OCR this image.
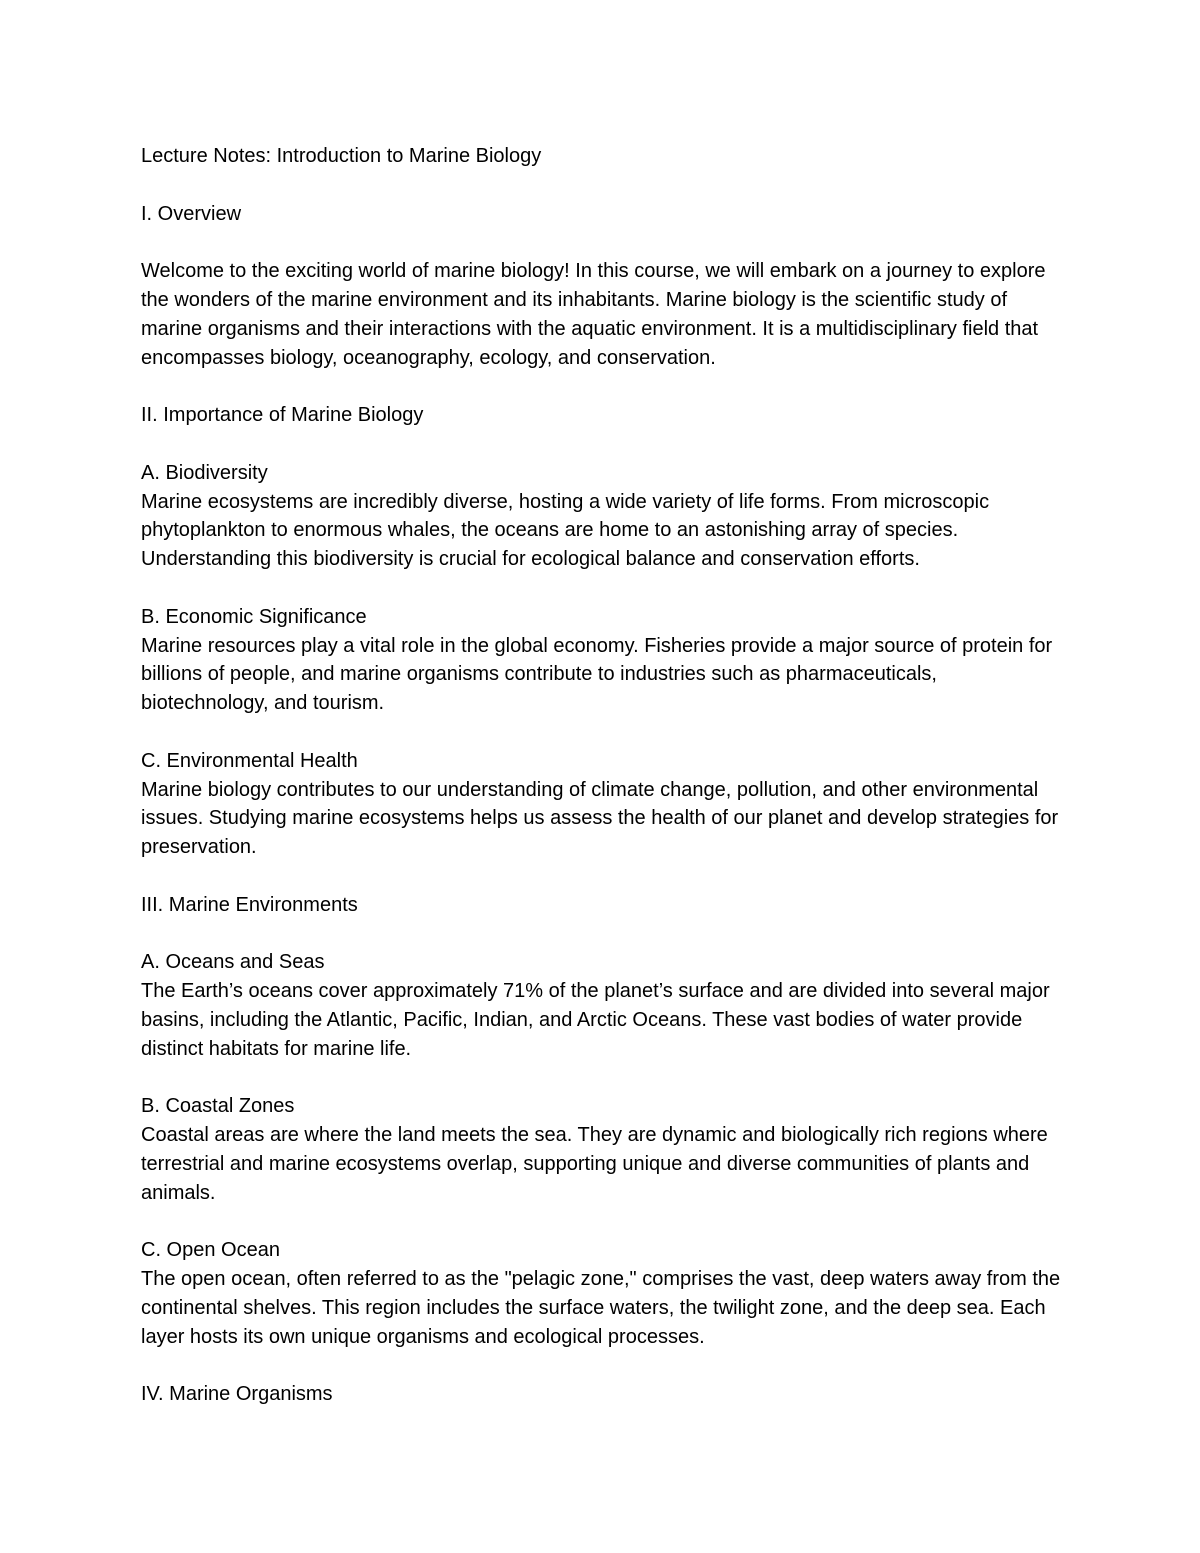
Lecture Notes: Introduction to Marine Biology

I. Overview

Welcome to the exciting world of marine biology! In this course, we will embark on a journey to explore the wonders of the marine environment and its inhabitants. Marine biology is the scientific study of marine organisms and their interactions with the aquatic environment. It is a multidisciplinary field that encompasses biology, oceanography, ecology, and conservation.

II. Importance of Marine Biology

A. Biodiversity

Marine ecosystems are incredibly diverse, hosting a wide variety of life forms. From microscopic phytoplankton to enormous whales, the oceans are home to an astonishing array of species. Understanding this biodiversity is crucial for ecological balance and conservation efforts.

B. Economic Significance

Marine resources play a vital role in the global economy. Fisheries provide a major source of protein for billions of people, and marine organisms contribute to industries such as pharmaceuticals, biotechnology, and tourism.

C. Environmental Health

Marine biology contributes to our understanding of climate change, pollution, and other environmental issues. Studying marine ecosystems helps us assess the health of our planet and develop strategies for preservation.

III. Marine Environments

A. Oceans and Seas

The Earth’s oceans cover approximately 71% of the planet’s surface and are divided into several major basins, including the Atlantic, Pacific, Indian, and Arctic Oceans. These vast bodies of water provide distinct habitats for marine life.

B. Coastal Zones

Coastal areas are where the land meets the sea. They are dynamic and biologically rich regions where terrestrial and marine ecosystems overlap, supporting unique and diverse communities of plants and animals.

C. Open Ocean

The open ocean, often referred to as the "pelagic zone," comprises the vast, deep waters away from the continental shelves. This region includes the surface waters, the twilight zone, and the deep sea. Each layer hosts its own unique organisms and ecological processes.

IV. Marine Organisms
